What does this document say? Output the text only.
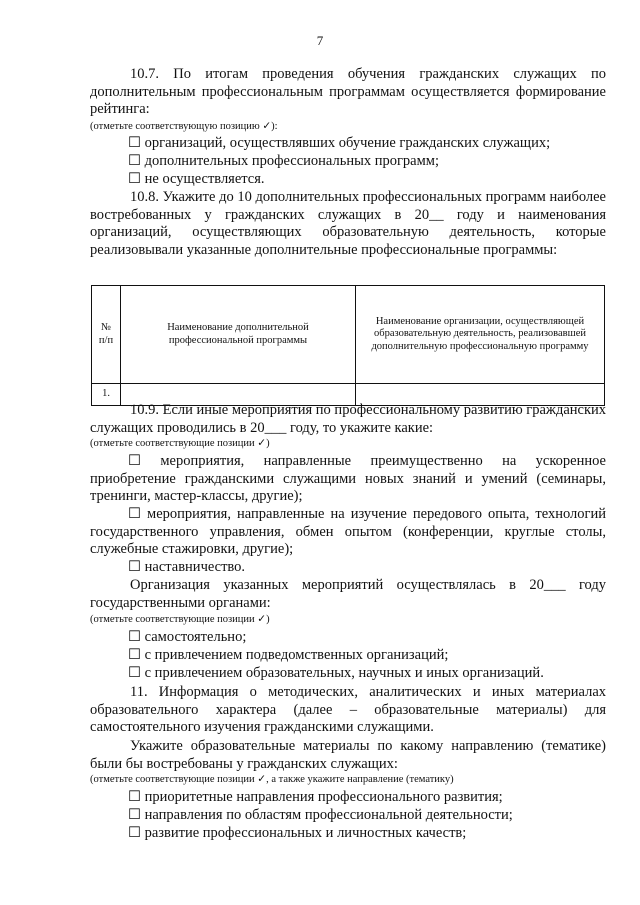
7
10.7. По итогам проведения обучения гражданских служащих по дополнительным профессиональным программам осуществляется формирование рейтинга:
(отметьте соответствующую позицию ✓):
☐ организаций, осуществлявших обучение гражданских служащих;
☐ дополнительных профессиональных программ;
☐ не осуществляется.
10.8. Укажите до 10 дополнительных профессиональных программ наиболее востребованных у гражданских служащих в 20__ году и наименования организаций, осуществляющих образовательную деятельность, которые реализовывали указанные дополнительные профессиональные программы:
№ п/п	Наименование дополнительной профессиональной программы	Наименование организации, осуществляющей образовательную деятельность, реализовавшей дополнительную профессиональную программу
1.		
10.9. Если иные мероприятия по профессиональному развитию гражданских служащих проводились в 20___ году, то укажите какие:
(отметьте соответствующие позиции ✓)
☐ мероприятия, направленные преимущественно на ускоренное приобретение гражданскими служащими новых знаний и умений (семинары, тренинги, мастер-классы, другие);
☐ мероприятия, направленные на изучение передового опыта, технологий государственного управления, обмен опытом (конференции, круглые столы, служебные стажировки, другие);
☐ наставничество.
Организация указанных мероприятий осуществлялась в 20___ году государственными органами:
(отметьте соответствующие позиции ✓)
☐ самостоятельно;
☐ с привлечением подведомственных организаций;
☐ с привлечением образовательных, научных и иных организаций.
11. Информация о методических, аналитических и иных материалах образовательного характера (далее – образовательные материалы) для самостоятельного изучения гражданскими служащими.
Укажите образовательные материалы по какому направлению (тематике) были бы востребованы у гражданских служащих:
(отметьте соответствующие позиции ✓, а также укажите направление (тематику)
☐ приоритетные направления профессионального развития;
☐ направления по областям профессиональной деятельности;
☐ развитие профессиональных и личностных качеств;
